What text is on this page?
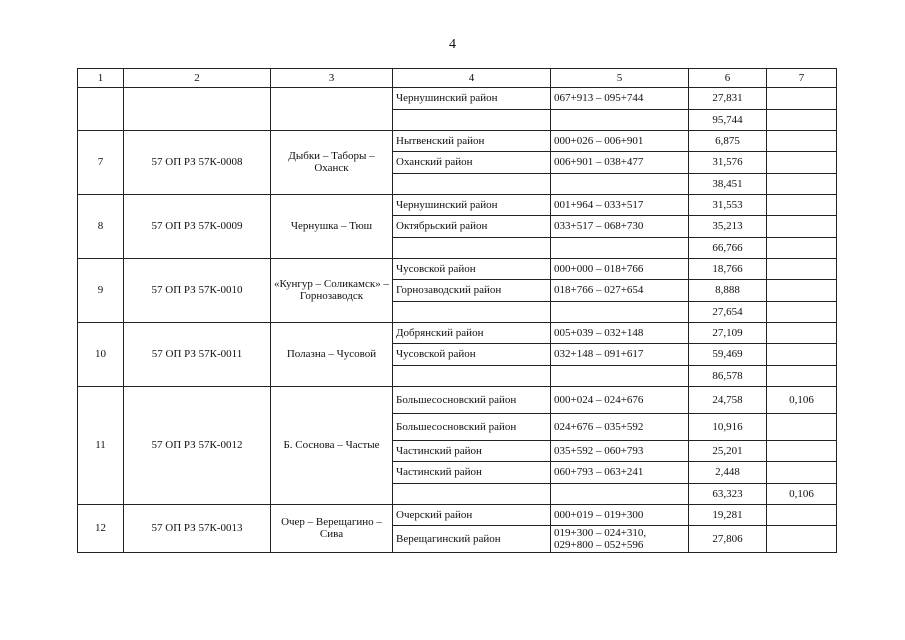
4
1	2	3	4	5	6	7
			Чернушинский район	067+913 – 095+744	27,831	
					95,744	
7	57 ОП РЗ 57К-0008	Дыбки – Таборы – Оханск	Нытвенский район	000+026 – 006+901	6,875	
			Оханский район	006+901 – 038+477	31,576	
					38,451	
8	57 ОП РЗ 57К-0009	Чернушка – Тюш	Чернушинский район	001+964 – 033+517	31,553	
			Октябрьский район	033+517 – 068+730	35,213	
					66,766	
9	57 ОП РЗ 57К-0010	«Кунгур – Соликамск» – Горнозаводск	Чусовской район	000+000 – 018+766	18,766	
			Горнозаводский район	018+766 – 027+654	8,888	
					27,654	
10	57 ОП РЗ 57К-0011	Полазна – Чусовой	Добрянский район	005+039 – 032+148	27,109	
			Чусовской район	032+148 – 091+617	59,469	
					86,578	
11	57 ОП РЗ 57К-0012	Б. Соснова – Частые	Большесосновский район	000+024 – 024+676	24,758	0,106
			Большесосновский район	024+676 – 035+592	10,916	
			Частинский район	035+592 – 060+793	25,201	
			Частинский район	060+793 – 063+241	2,448	
					63,323	0,106
12	57 ОП РЗ 57К-0013	Очер – Верещагино – Сива	Очерский район	000+019 – 019+300	19,281	
			Верещагинский район	019+300 – 024+310, 029+800 – 052+596	27,806	
